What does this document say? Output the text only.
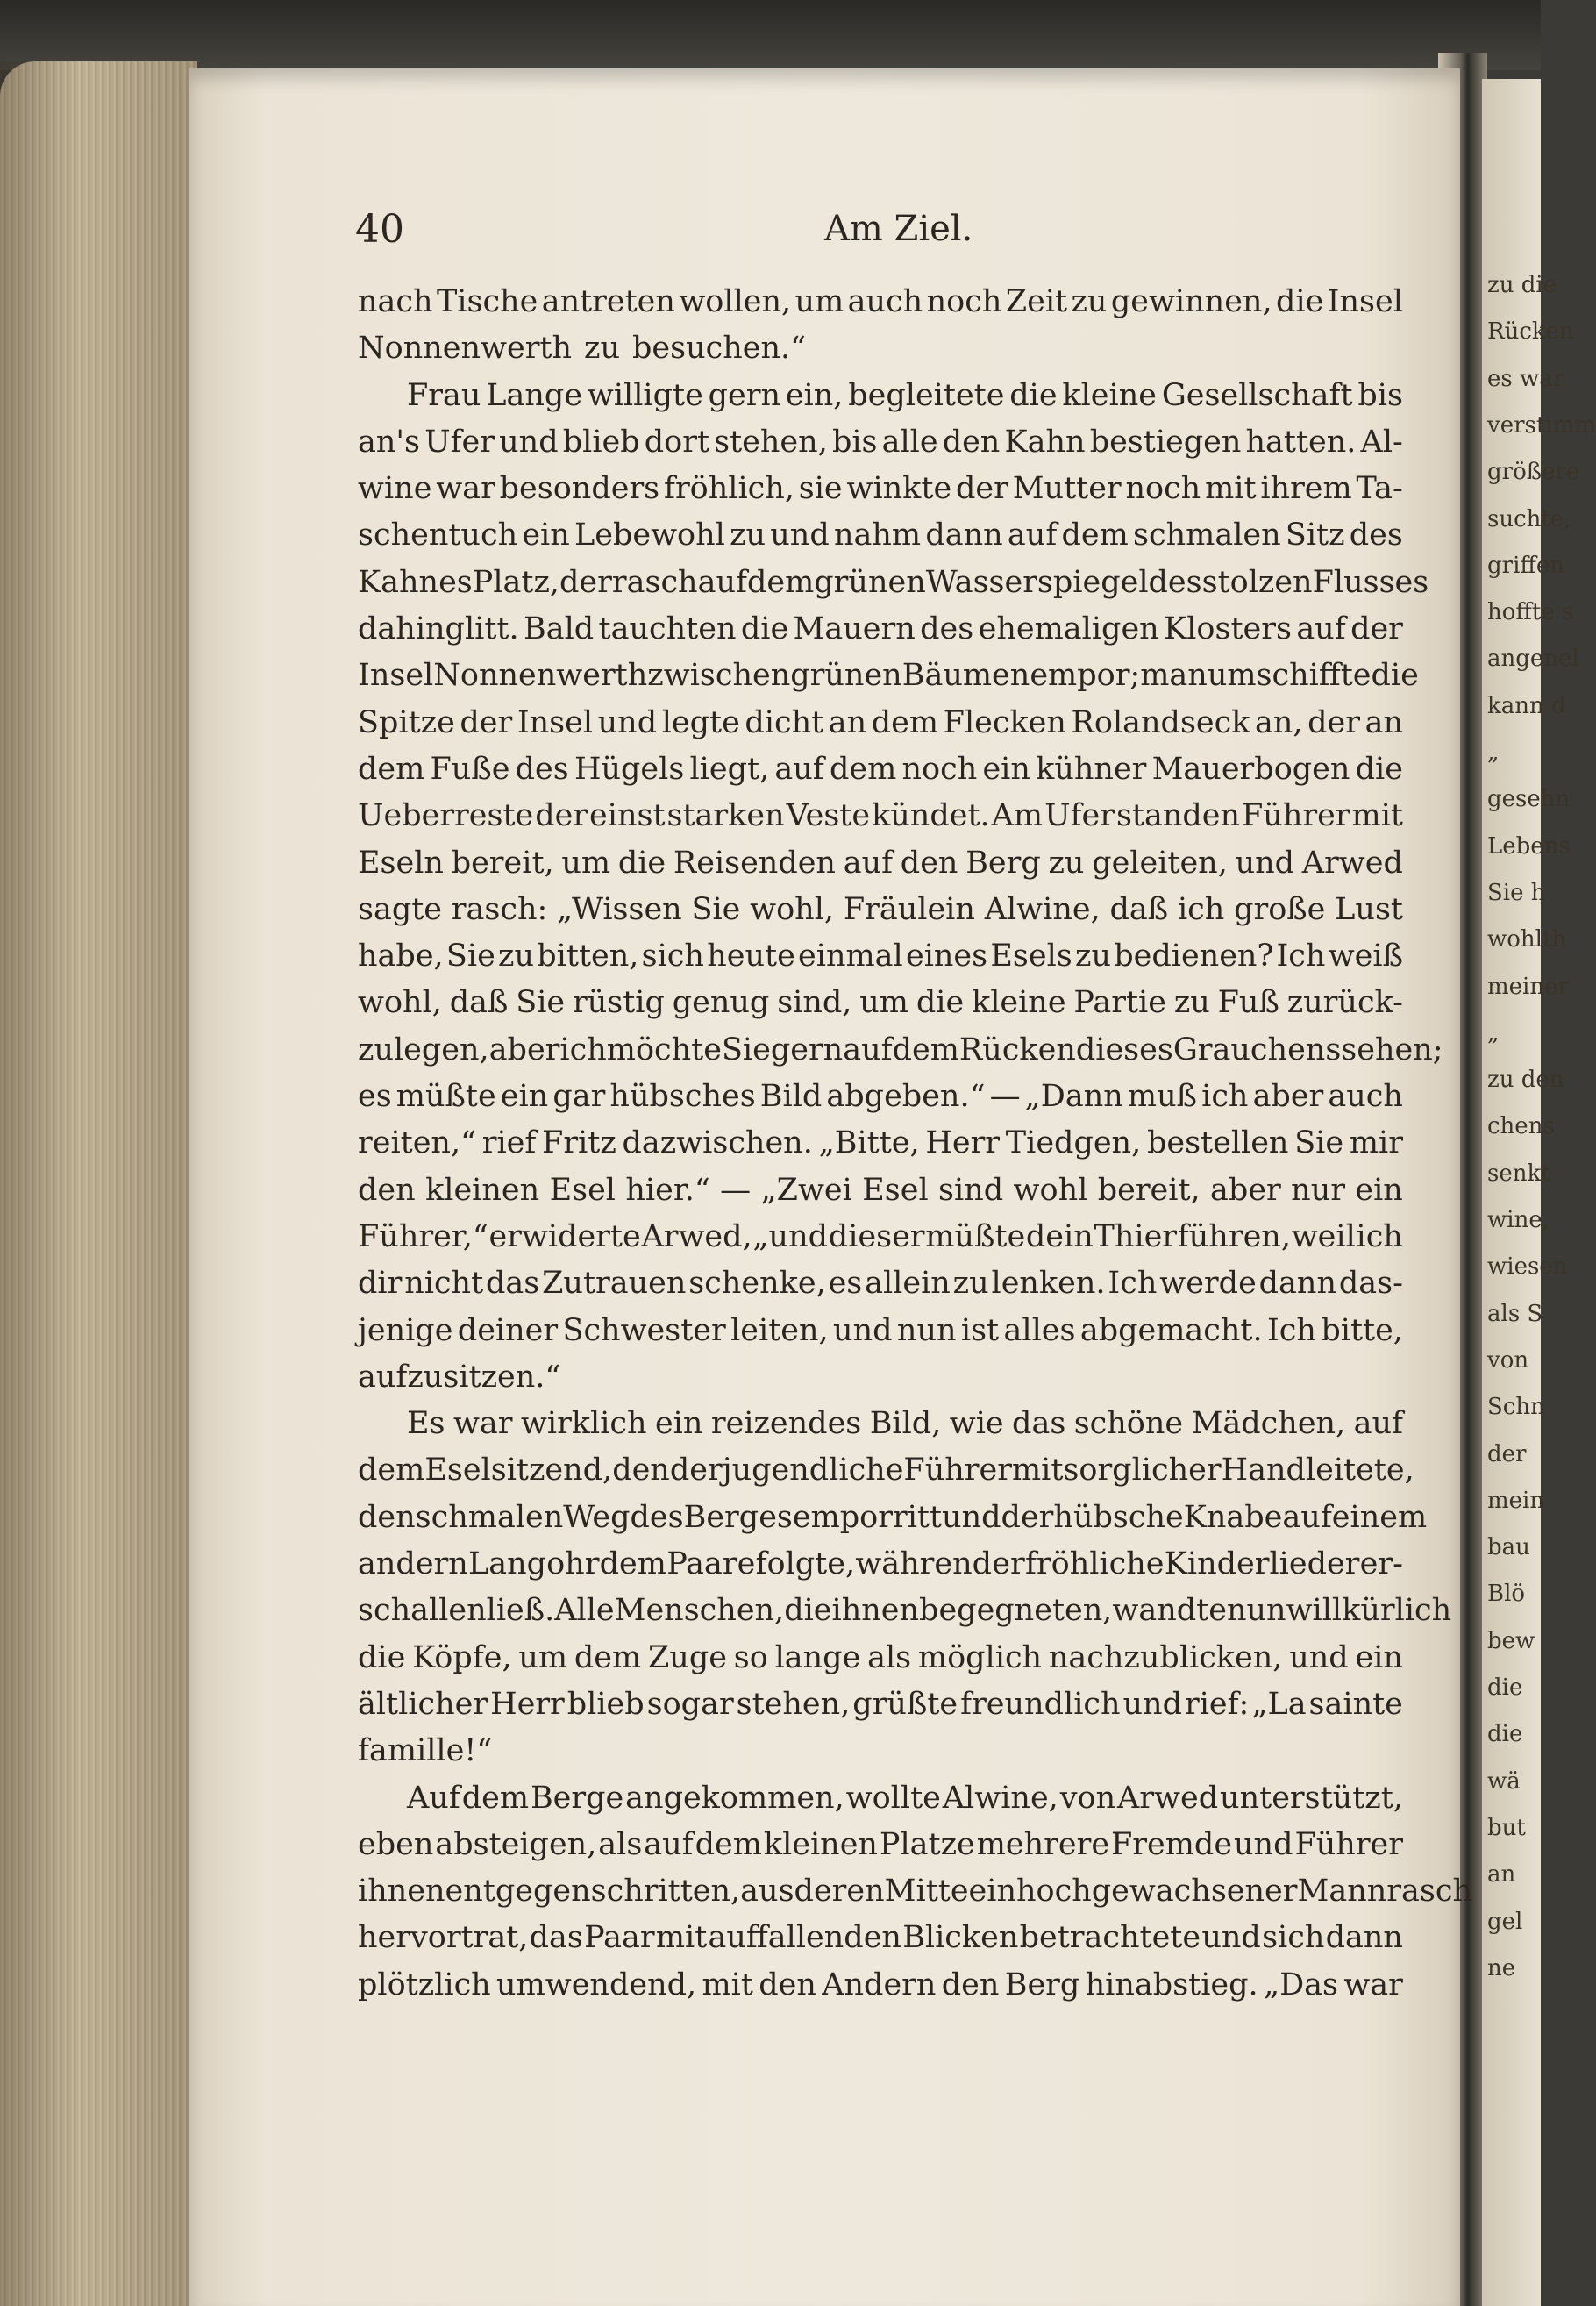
zu die
Rücken
es war
verstimm
größere
suchte,
griffen
hoffte s
angenel
kann d
„
gesehn
Lebens
Sie h
wohlth
meiner
„
zu den
chens
senkt
wine,
wiesen
als S
von
Schn
der
mein
bau
Blö
bew
die
die
wä
but
an
gel
ne
40	Am Ziel.
nach Tische antreten wollen, um auch noch Zeit zu gewinnen, die Insel
Nonnenwerth zu besuchen.“
Frau Lange willigte gern ein, begleitete die kleine Gesellschaft bis
an's Ufer und blieb dort stehen, bis alle den Kahn bestiegen hatten. Al-
wine war besonders fröhlich, sie winkte der Mutter noch mit ihrem Ta-
schentuch ein Lebewohl zu und nahm dann auf dem schmalen Sitz des
Kahnes Platz, der rasch auf dem grünen Wasserspiegel des stolzen Flusses
dahinglitt. Bald tauchten die Mauern des ehemaligen Klosters auf der
Insel Nonnenwerth zwischen grünen Bäumen empor; man umschiffte die
Spitze der Insel und legte dicht an dem Flecken Rolandseck an, der an
dem Fuße des Hügels liegt, auf dem noch ein kühner Mauerbogen die
Ueberreste der einst starken Veste kündet. Am Ufer standen Führer mit
Eseln bereit, um die Reisenden auf den Berg zu geleiten, und Arwed
sagte rasch: „Wissen Sie wohl, Fräulein Alwine, daß ich große Lust
habe, Sie zu bitten, sich heute einmal eines Esels zu bedienen? Ich weiß
wohl, daß Sie rüstig genug sind, um die kleine Partie zu Fuß zurück-
zulegen, aber ich möchte Sie gern auf dem Rücken dieses Grauchens sehen;
es müßte ein gar hübsches Bild abgeben.“ — „Dann muß ich aber auch
reiten,“ rief Fritz dazwischen. „Bitte, Herr Tiedgen, bestellen Sie mir
den kleinen Esel hier.“ — „Zwei Esel sind wohl bereit, aber nur ein
Führer,“ erwiderte Arwed, „und dieser müßte dein Thier führen, weil ich
dir nicht das Zutrauen schenke, es allein zu lenken. Ich werde dann das-
jenige deiner Schwester leiten, und nun ist alles abgemacht. Ich bitte,
aufzusitzen.“
Es war wirklich ein reizendes Bild, wie das schöne Mädchen, auf
dem Esel sitzend, den der jugendliche Führer mit sorglicher Hand leitete,
den schmalen Weg des Berges emporritt und der hübsche Knabe auf einem
andern Langohr dem Paare folgte, während er fröhliche Kinderlieder er-
schallen ließ. Alle Menschen, die ihnen begegneten, wandten unwillkürlich
die Köpfe, um dem Zuge so lange als möglich nachzublicken, und ein
ältlicher Herr blieb sogar stehen, grüßte freundlich und rief: „La sainte
famille!“
Auf dem Berge angekommen, wollte Alwine, von Arwed unterstützt,
eben absteigen, als auf dem kleinen Platze mehrere Fremde und Führer
ihnen entgegenschritten, aus deren Mitte ein hochgewachsener Mann rasch
hervortrat, das Paar mit auffallenden Blicken betrachtete und sich dann
plötzlich umwendend, mit den Andern den Berg hinabstieg. „Das war
